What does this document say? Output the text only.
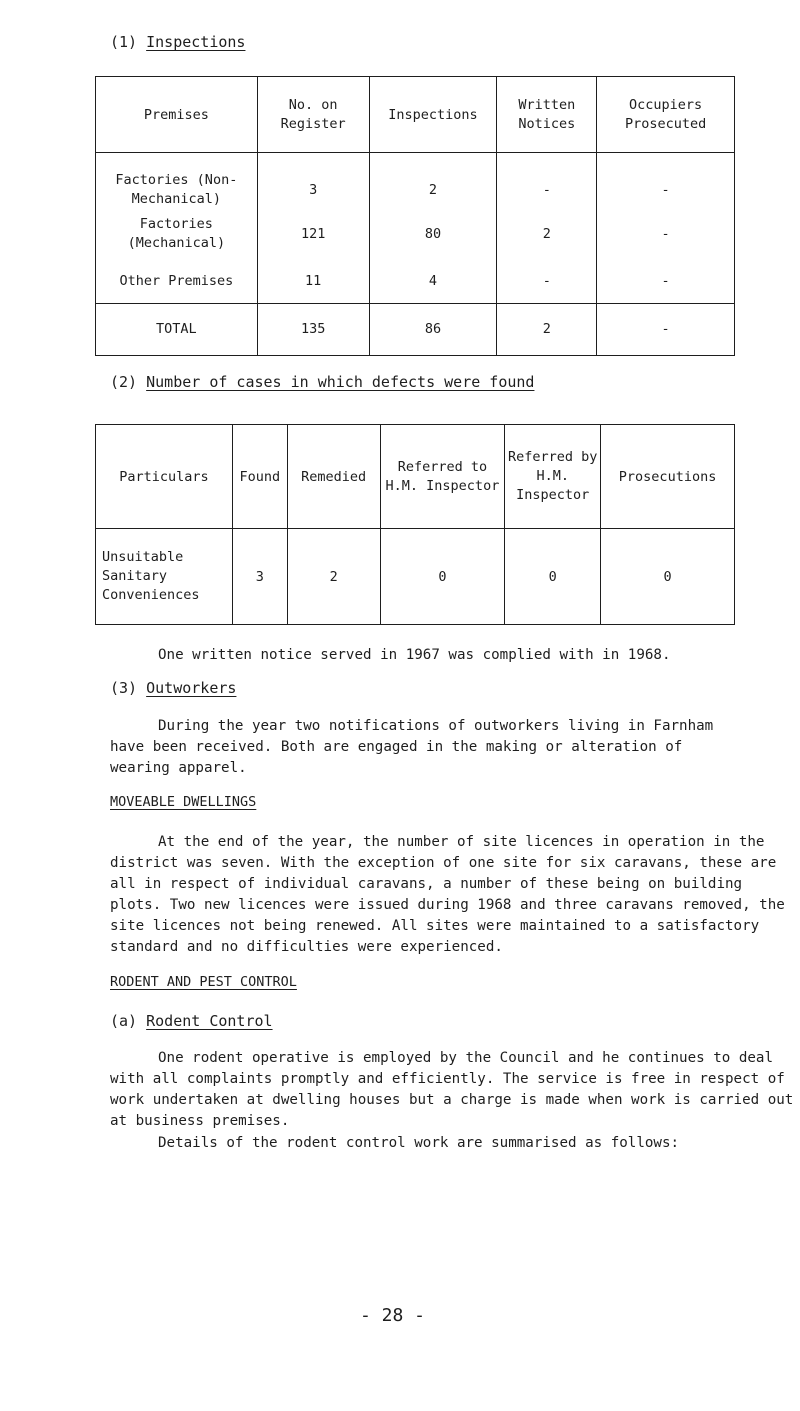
(1) Inspections
Premises	No. on Register	Inspections	Written Notices	Occupiers Prosecuted
Factories (Non-Mechanical)	3	2	-	-
Factories (Mechanical)	121	80	2	-
Other Premises	11	4	-	-
TOTAL	135	86	2	-
(2) Number of cases in which defects were found
Particulars	Found	Remedied	Referred to H.M. Inspector	Referred by H.M. Inspector	Prosecutions
Unsuitable Sanitary Conveniences	3	2	0	0	0
One written notice served in 1967 was complied with in 1968.
(3) Outworkers

During the year two notifications of outworkers living in Farnham have been received. Both are engaged in the making or alteration of wearing apparel.

MOVEABLE DWELLINGS

At the end of the year, the number of site licences in operation in the district was seven. With the exception of one site for six caravans, these are all in respect of individual caravans, a number of these being on building plots. Two new licences were issued during 1968 and three caravans removed, the site licences not being renewed. All sites were maintained to a satisfactory standard and no difficulties were experienced.

RODENT AND PEST CONTROL
(a) Rodent Control

One rodent operative is employed by the Council and he continues to deal with all complaints promptly and efficiently. The service is free in respect of work undertaken at dwelling houses but a charge is made when work is carried out at business premises.

Details of the rodent control work are summarised as follows:
- 28 -
